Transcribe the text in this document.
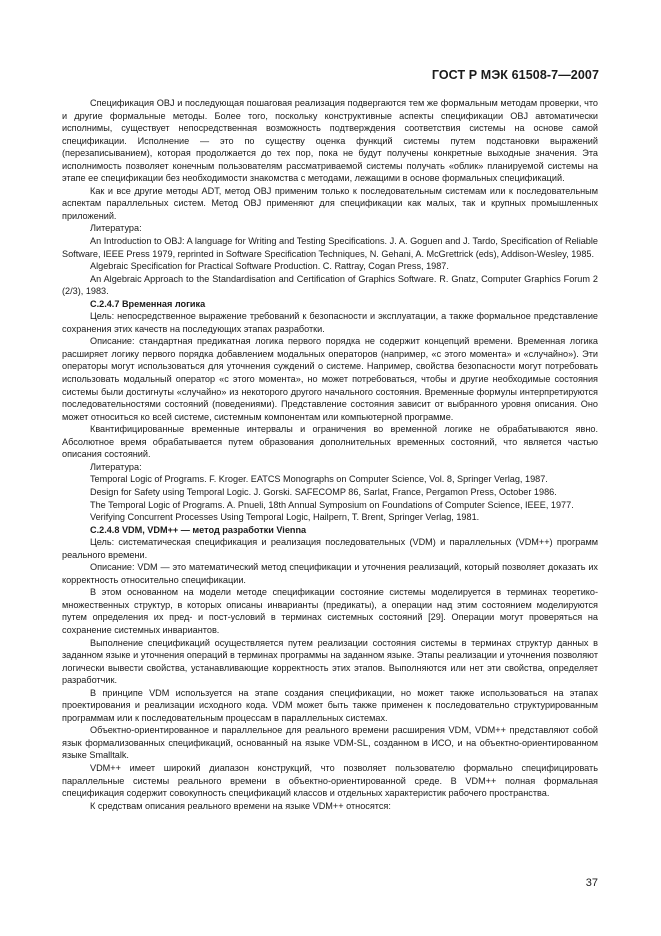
ГОСТ Р МЭК 61508-7—2007

Спецификация OBJ и последующая пошаговая реализация подвергаются тем же формальным методам проверки, что и другие формальные методы. Более того, поскольку конструктивные аспекты спецификации OBJ автоматически исполнимы, существует непосредственная возможность подтверждения соответствия системы на основе самой спецификации. Исполнение — это по существу оценка функций системы путем подстановки выражений (перезаписыванием), которая продолжается до тех пор, пока не будут получены конкретные выходные значения. Эта исполнимость позволяет конечным пользователям рассматриваемой системы получать «облик» планируемой системы на этапе ее спецификации без необходимости знакомства с методами, лежащими в основе формальных спецификаций.

Как и все другие методы ADT, метод OBJ применим только к последовательным системам или к последовательным аспектам параллельных систем. Метод OBJ применяют для спецификации как малых, так и крупных промышленных приложений.

Литература:

An Introduction to OBJ: A language for Writing and Testing Specifications. J. A. Goguen and J. Tardo, Specification of Reliable Software, IEEE Press 1979, reprinted in Software Specification Techniques, N. Gehani, A. McGrettrick (eds), Addison-Wesley, 1985.

Algebraic Specification for Practical Software Production. C. Rattray, Cogan Press, 1987.

An Algebraic Approach to the Standardisation and Certification of Graphics Software. R. Gnatz, Computer Graphics Forum 2 (2/3), 1983.

С.2.4.7 Временная логика

Цель: непосредственное выражение требований к безопасности и эксплуатации, а также формальное представление сохранения этих качеств на последующих этапах разработки.

Описание: стандартная предикатная логика первого порядка не содержит концепций времени. Временная логика расширяет логику первого порядка добавлением модальных операторов (например, «с этого момента» и «случайно»). Эти операторы могут использоваться для уточнения суждений о системе. Например, свойства безопасности могут потребовать использовать модальный оператор «с этого момента», но может потребоваться, чтобы и другие необходимые состояния системы были достигнуты «случайно» из некоторого другого начального состояния. Временные формулы интерпретируются последовательностями состояний (поведениями). Представление состояния зависит от выбранного уровня описания. Оно может относиться ко всей системе, системным компонентам или компьютерной программе.

Квантифицированные временные интервалы и ограничения во временной логике не обрабатываются явно. Абсолютное время обрабатывается путем образования дополнительных временных состояний, что является частью описания состояний.

Литература:

Temporal Logic of Programs. F. Kroger. EATCS Monographs on Computer Science, Vol. 8, Springer Verlag, 1987.

Design for Safety using Temporal Logic. J. Gorski. SAFECOMP 86, Sarlat, France, Pergamon Press, October 1986.

The Temporal Logic of Programs. A. Pnueli, 18th Annual Symposium on Foundations of Computer Science, IEEE, 1977.

Verifying Concurrent Processes Using Temporal Logic, Hailpern, T. Brent, Springer Verlag, 1981.

С.2.4.8 VDM, VDM++ — метод разработки Vienna

Цель: систематическая спецификация и реализация последовательных (VDM) и параллельных (VDM++) программ реального времени.

Описание: VDM — это математический метод спецификации и уточнения реализаций, который позволяет доказать их корректность относительно спецификации.

В этом основанном на модели методе спецификации состояние системы моделируется в терминах теоретико-множественных структур, в которых описаны инварианты (предикаты), а операции над этим состоянием моделируются путем определения их пред- и пост-условий в терминах системных состояний [29]. Операции могут проверяться на сохранение системных инвариантов.

Выполнение спецификаций осуществляется путем реализации состояния системы в терминах структур данных в заданном языке и уточнения операций в терминах программы на заданном языке. Этапы реализации и уточнения позволяют логически вывести свойства, устанавливающие корректность этих этапов. Выполняются или нет эти свойства, определяет разработчик.

В принципе VDM используется на этапе создания спецификации, но может также использоваться на этапах проектирования и реализации исходного кода. VDM может быть также применен к последовательно структурированным программам или к последовательным процессам в параллельных системах.

Объектно-ориентированное и параллельное для реального времени расширения VDM, VDM++ представляют собой язык формализованных спецификаций, основанный на языке VDM-SL, созданном в ИСО, и на объектно-ориентированном языке Smalltalk.

VDM++ имеет широкий диапазон конструкций, что позволяет пользователю формально специфицировать параллельные системы реального времени в объектно-ориентированной среде. В VDM++ полная формальная спецификация содержит совокупность спецификаций классов и отдельных характеристик рабочего пространства.

К средствам описания реального времени на языке VDM++ относятся:

37
